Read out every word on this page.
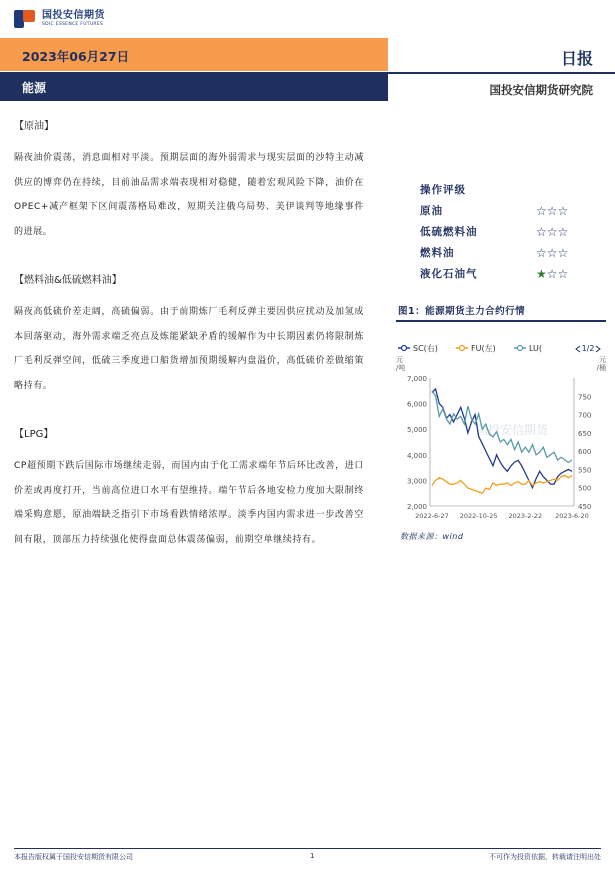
国投安信期货
SDIC ESSENCE FUTURES
2023年06月27日
能源
日报
国投安信期货研究院

【原油】

隔夜油价震荡，消息面相对平淡。预期层面的海外弱需求与现实层面的沙特主动减供应的博弈仍在持续，目前油品需求端表现相对稳健，随着宏观风险下降，油价在OPEC+减产框架下区间震荡格局难改，短期关注俄乌局势、美伊谈判等地缘事件的进展。

【燃料油&低硫燃料油】

隔夜高低硫价差走阔，高硫偏弱。由于前期炼厂毛利反弹主要因供应扰动及加氢成本回落驱动，海外需求端乏亮点及炼能紧缺矛盾的缓解作为中长期因素仍将限制炼厂毛利反弹空间，低硫三季度进口船货增加预期缓解内盘溢价，高低硫价差做缩策略持有。

【LPG】

CP超预期下跌后国际市场继续走弱，而国内由于化工需求端年节后环比改善，进口价差或再度打开，当前高位进口水平有望维持。端午节后各地安检力度加大限制终端采购意愿，原油端缺乏指引下市场看跌情绪浓厚。淡季内国内需求进一步改善空间有限，顶部压力持续强化使得盘面总体震荡偏弱，前期空单继续持有。

操作评级
原油	☆☆☆
低硫燃料油	☆☆☆
燃料油	☆☆☆
液化石油气	★☆☆
图1：能源期货主力合约行情
SC(右)	FU(左)	LU(	1/2
元
/吨
元
/桶
7,000
6,000
5,000
4,000
3,000
2,000
750
700
650
600
550
500
450
2022-6-27 2022-10-25 2023-2-22 2023-6-20
国投安信期货
数据来源：wind
本报告版权属于国投安信期货有限公司	1	不可作为投资依据，转载请注明出处
